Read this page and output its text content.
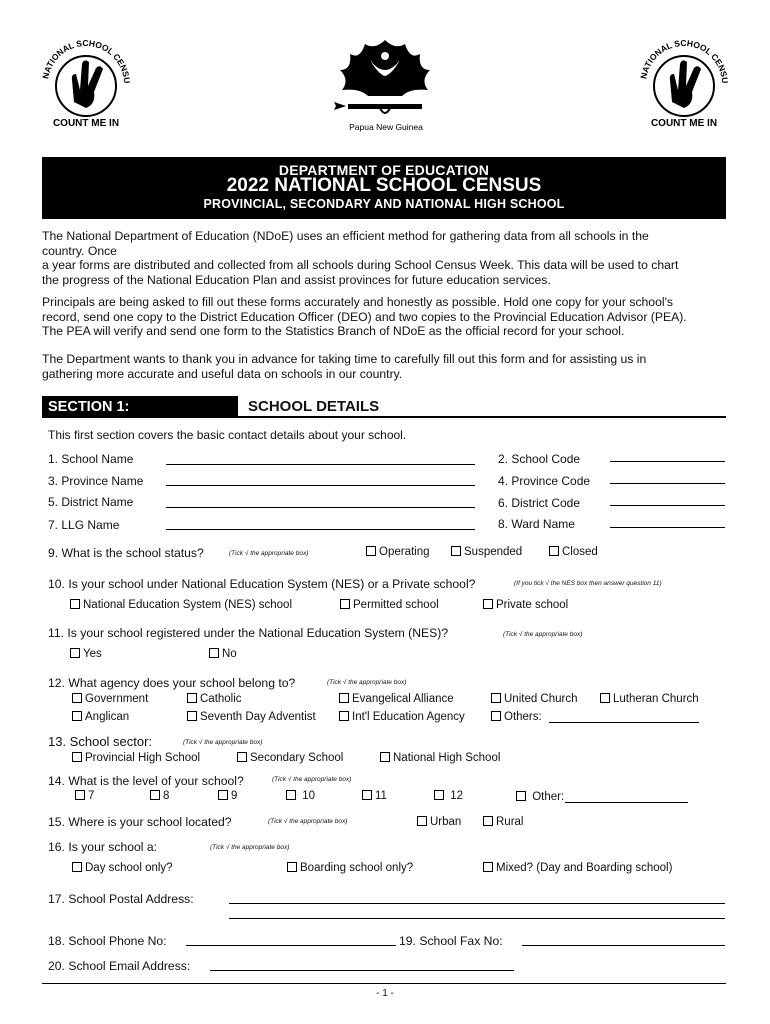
NATIONAL SCHOOL CENSU
COUNT ME IN	Papua New Guinea
NATIONAL SCHOOL CENSU
COUNT ME IN
DEPARTMENT OF EDUCATION
2022 NATIONAL SCHOOL CENSUS
PROVINCIAL, SECONDARY AND NATIONAL HIGH SCHOOL
The National Department of Education (NDoE) uses an efficient method for gathering data from all schools in the
country. Once
a year forms are distributed and collected from all schools during School Census Week. This data will be used to chart
the progress of the National Education Plan and assist provinces for future education services.
Principals are being asked to fill out these forms accurately and honestly as possible. Hold one copy for your school's
record, send one copy to the District Education Officer (DEO) and two copies to the Provincial Education Advisor (PEA).
The PEA will verify and send one form to the Statistics Branch of NDoE as the official record for your school.
The Department wants to thank you in advance for taking time to carefully fill out this form and for assisting us in
gathering more accurate and useful data on schools in our country.
SECTION 1:	SCHOOL DETAILS
This first section covers the basic contact details about your school.
1. School Name	2. School Code
3. Province Name	4. Province Code
5. District Name	6. District Code
7. LLG Name	8. Ward Name
9. What is the school status?	(Tick √ the appropriate box)	Operating	Suspended	Closed
10. Is your school under National Education System (NES) or a Private school?	(If you tick √ the NES box then answer question 11)
National Education System (NES) school	Permitted school	Private school
11. Is your school registered under the National Education System (NES)?	(Tick √ the appropriate box)
Yes	No
12. What agency does your school belong to?	(Tick √ the appropriate box)
Government	Catholic	Evangelical Alliance	United Church	Lutheran Church
Anglican	Seventh Day Adventist	Int'l Education Agency	Others:
13. School sector:	(Tick √ the appropriate box)
Provincial High School	Secondary School	National High School
14. What is the level of your school?	(Tick √ the appropriate box)
7	8	9	10	11	12	Other:
15. Where is your school located?	(Tick √ the appropriate box)	Urban	Rural
16. Is your school a:	(Tick √ the appropriate box)
Day school only?	Boarding school only?	Mixed? (Day and Boarding school)
17. School Postal Address:
18. School Phone No:	19. School Fax No:
20. School Email Address:
- 1 -
